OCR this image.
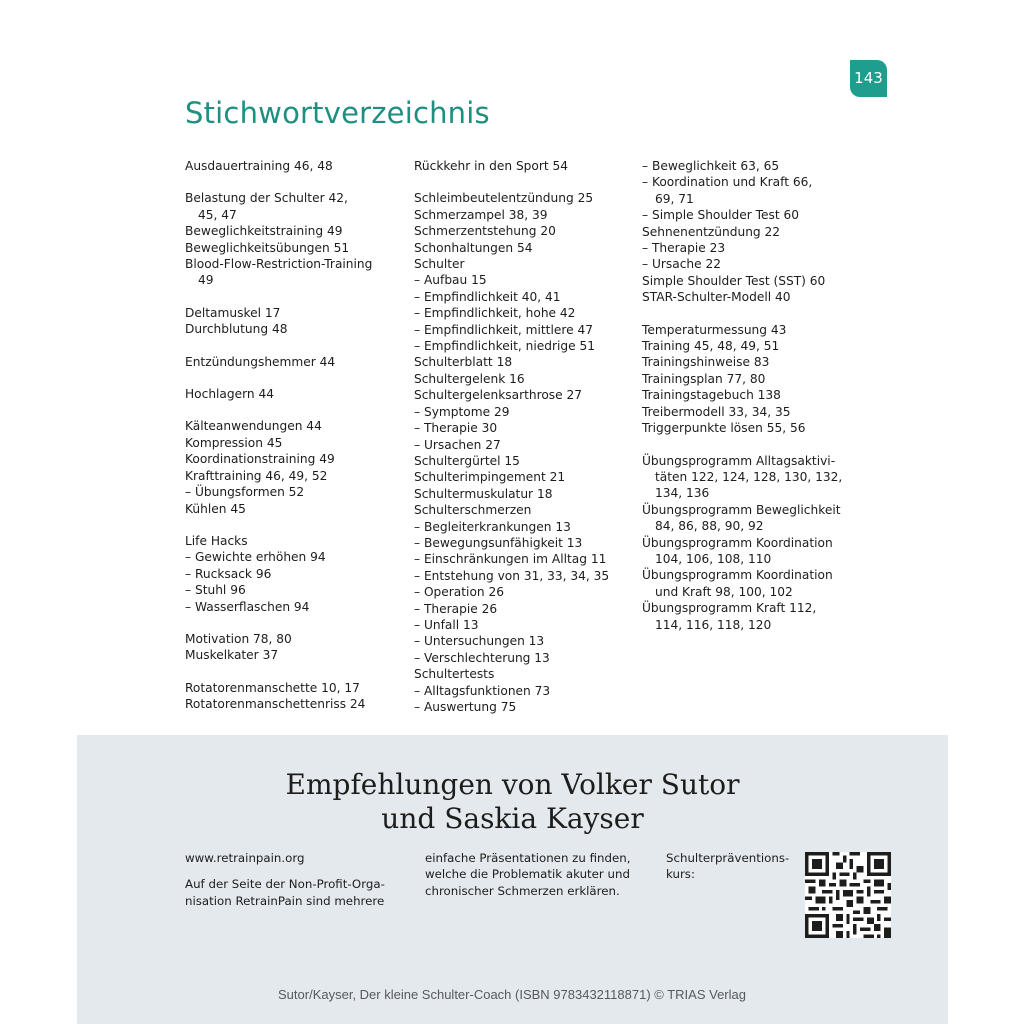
143
Stichwortverzeichnis
Ausdauertraining 46, 48
Belastung der Schulter 42,
45, 47
Beweglichkeitstraining 49
Beweglichkeitsübungen 51
Blood-Flow-Restriction-Training
49
Deltamuskel 17
Durchblutung 48
Entzündungshemmer 44
Hochlagern 44
Kälteanwendungen 44
Kompression 45
Koordinationstraining 49
Krafttraining 46, 49, 52
– Übungsformen 52
Kühlen 45
Life Hacks
– Gewichte erhöhen 94
– Rucksack 96
– Stuhl 96
– Wasserflaschen 94
Motivation 78, 80
Muskelkater 37
Rotatorenmanschette 10, 17
Rotatorenmanschettenriss 24
Rückkehr in den Sport 54
Schleimbeutelentzündung 25
Schmerzampel 38, 39
Schmerzentstehung 20
Schonhaltungen 54
Schulter
– Aufbau 15
– Empfindlichkeit 40, 41
– Empfindlichkeit, hohe 42
– Empfindlichkeit, mittlere 47
– Empfindlichkeit, niedrige 51
Schulterblatt 18
Schultergelenk 16
Schultergelenksarthrose 27
– Symptome 29
– Therapie 30
– Ursachen 27
Schultergürtel 15
Schulterimpingement 21
Schultermuskulatur 18
Schulterschmerzen
– Begleiterkrankungen 13
– Bewegungsunfähigkeit 13
– Einschränkungen im Alltag 11
– Entstehung von 31, 33, 34, 35
– Operation 26
– Therapie 26
– Unfall 13
– Untersuchungen 13
– Verschlechterung 13
Schultertests
– Alltagsfunktionen 73
– Auswertung 75
– Beweglichkeit 63, 65
– Koordination und Kraft 66,
69, 71
– Simple Shoulder Test 60
Sehnenentzündung 22
– Therapie 23
– Ursache 22
Simple Shoulder Test (SST) 60
STAR-Schulter-Modell 40
Temperaturmessung 43
Training 45, 48, 49, 51
Trainingshinweise 83
Trainingsplan 77, 80
Trainingstagebuch 138
Treibermodell 33, 34, 35
Triggerpunkte lösen 55, 56
Übungsprogramm Alltagsaktivi-
täten 122, 124, 128, 130, 132,
134, 136
Übungsprogramm Beweglichkeit
84, 86, 88, 90, 92
Übungsprogramm Koordination
104, 106, 108, 110
Übungsprogramm Koordination
und Kraft 98, 100, 102
Übungsprogramm Kraft 112,
114, 116, 118, 120
Empfehlungen von Volker Sutor
und Saskia Kayser

www.retrainpain.org

Auf der Seite der Non-Profit-Orga-
nisation RetrainPain sind mehrere

einfache Präsentationen zu finden,
welche die Problematik akuter und
chronischer Schmerzen erklären.

Schulterpräventions-
kurs:

Sutor/Kayser, Der kleine Schulter-Coach (ISBN 9783432118871) © TRIAS Verlag
